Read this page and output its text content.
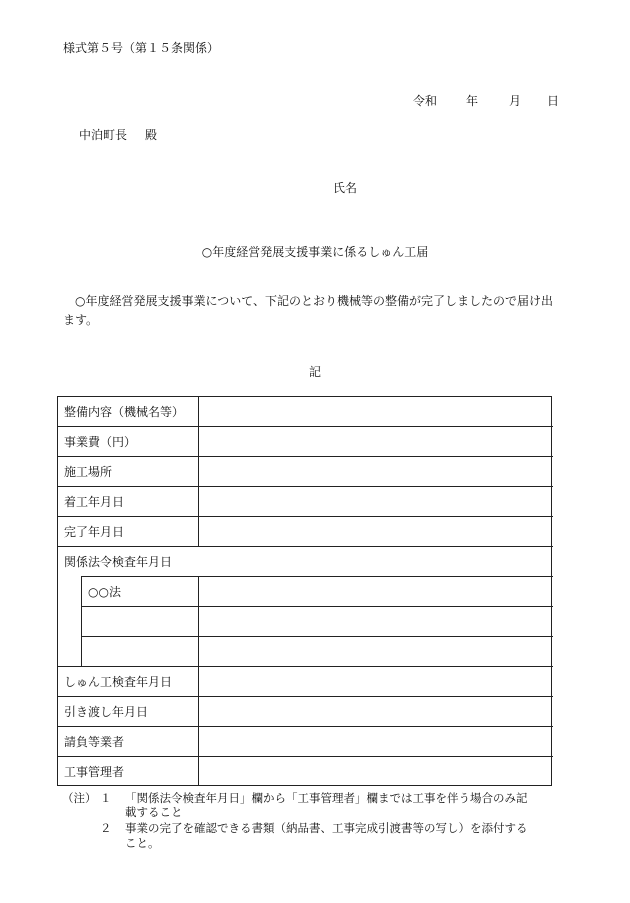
様式第５号（第１５条関係）
令和 年	月 日
中泊町長 殿
氏名
○年度経営発展支援事業に係るしゅん工届
○年度経営発展支援事業について、下記のとおり機械等の整備が完了しましたので届け出ます。
記
整備内容（機械名等）
事業費（円）
施工場所
着工年月日
完了年月日
関係法令検査年月日
○○法
しゅん工検査年月日
引き渡し年月日
請負等業者
工事管理者
（注） １ 「関係法令検査年月日」欄から「工事管理者」欄までは工事を伴う場合のみ記
載すること
２ 事業の完了を確認できる書類（納品書、工事完成引渡書等の写し）を添付する
こと。
